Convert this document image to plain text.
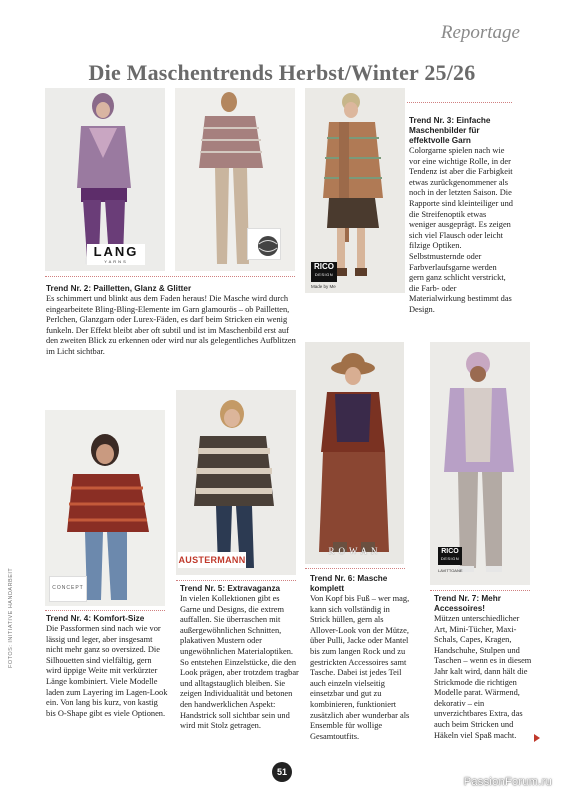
Reportage
Die Maschentrends Herbst/Winter 25/26
LANG
YARNS
RICO
DESIGN
Made by Me
Trend Nr. 3: Einfache Maschenbilder für effektvolle Garn
Colorgarne spielen nach wie vor eine wichtige Rolle, in der Tendenz ist aber die Farbigkeit etwas zurückgenommener als noch in der letzten Saison. Die Rapporte sind kleinteiliger und die Streifenoptik etwas weniger ausgeprägt. Es zeigen sich viel Flausch oder leicht filzige Optiken. Selbstmusternde oder Farbverlaufsgarne werden gern ganz schlicht verstrickt, die Farb- oder Materialwirkung bestimmt das Design.
Trend Nr. 2: Pailletten, Glanz & Glitter
Es schimmert und blinkt aus dem Faden heraus! Die Masche wird durch eingearbeitete Bling-Bling-Elemente im Garn glamourös – ob Pailletten, Perlchen, Glanzgarn oder Lurex-Fäden, es darf beim Stricken ein wenig funkeln. Der Effekt bleibt aber oft subtil und ist im Maschenbild erst auf den zweiten Blick zu erkennen oder wird nur als gelegentliches Aufblitzen im Licht sichtbar.
CONCEPT
Trend Nr. 4: Komfort-Size
Die Passformen sind nach wie vor lässig und leger, aber insgesamt nicht mehr ganz so oversized. Die Silhouetten sind vielfältig, gern wird üppige Weite mit verkürzter Länge kombiniert. Viele Modelle laden zum Layering im Lagen-Look ein. Von lang bis kurz, von kastig bis O-Shape gibt es viele Optionen.
AUSTERMANN
Trend Nr. 5: Extravaganza
In vielen Kollektionen gibt es Garne und Designs, die extrem auffallen. Sie überraschen mit außergewöhnlichen Schnitten, plakativen Mustern oder ungewöhnlichen Materialoptiken. So entstehen Einzelstücke, die den Look prägen, aber trotzdem tragbar und alltagstauglich bleiben. Sie zeigen Individualität und betonen den handwerklichen Aspekt: Handstrick soll sichtbar sein und wird mit Stolz getragen.
ROWAN
Trend Nr. 6: Masche komplett
Von Kopf bis Fuß – wer mag, kann sich vollständig in Strick hüllen, gern als Allover-Look von der Mütze, über Pulli, Jacke oder Mantel bis zum langen Rock und zu gestrickten Accessoires samt Tasche. Dabei ist jedes Teil auch einzeln vielseitig einsetzbar und gut zu kombinieren, funktioniert zusätzlich aber wunderbar als Ensemble für wollige Gesamtoutfits.
RICO
DESIGN
LAVITTOANE
Trend Nr. 7: Mehr Accessoires!
Mützen unterschiedlicher Art, Mini-Tücher, Maxi-Schals, Capes, Kragen, Handschuhe, Stulpen und Taschen – wenn es in diesem Jahr kalt wird, dann hält die Strickmode die richtigen Modelle parat. Wärmend, dekorativ – ein unverzichtbares Extra, das auch beim Stricken und Häkeln viel Spaß macht.
FOTOS: INITIATIVE HANDARBEIT
51
PassionForum.ru
